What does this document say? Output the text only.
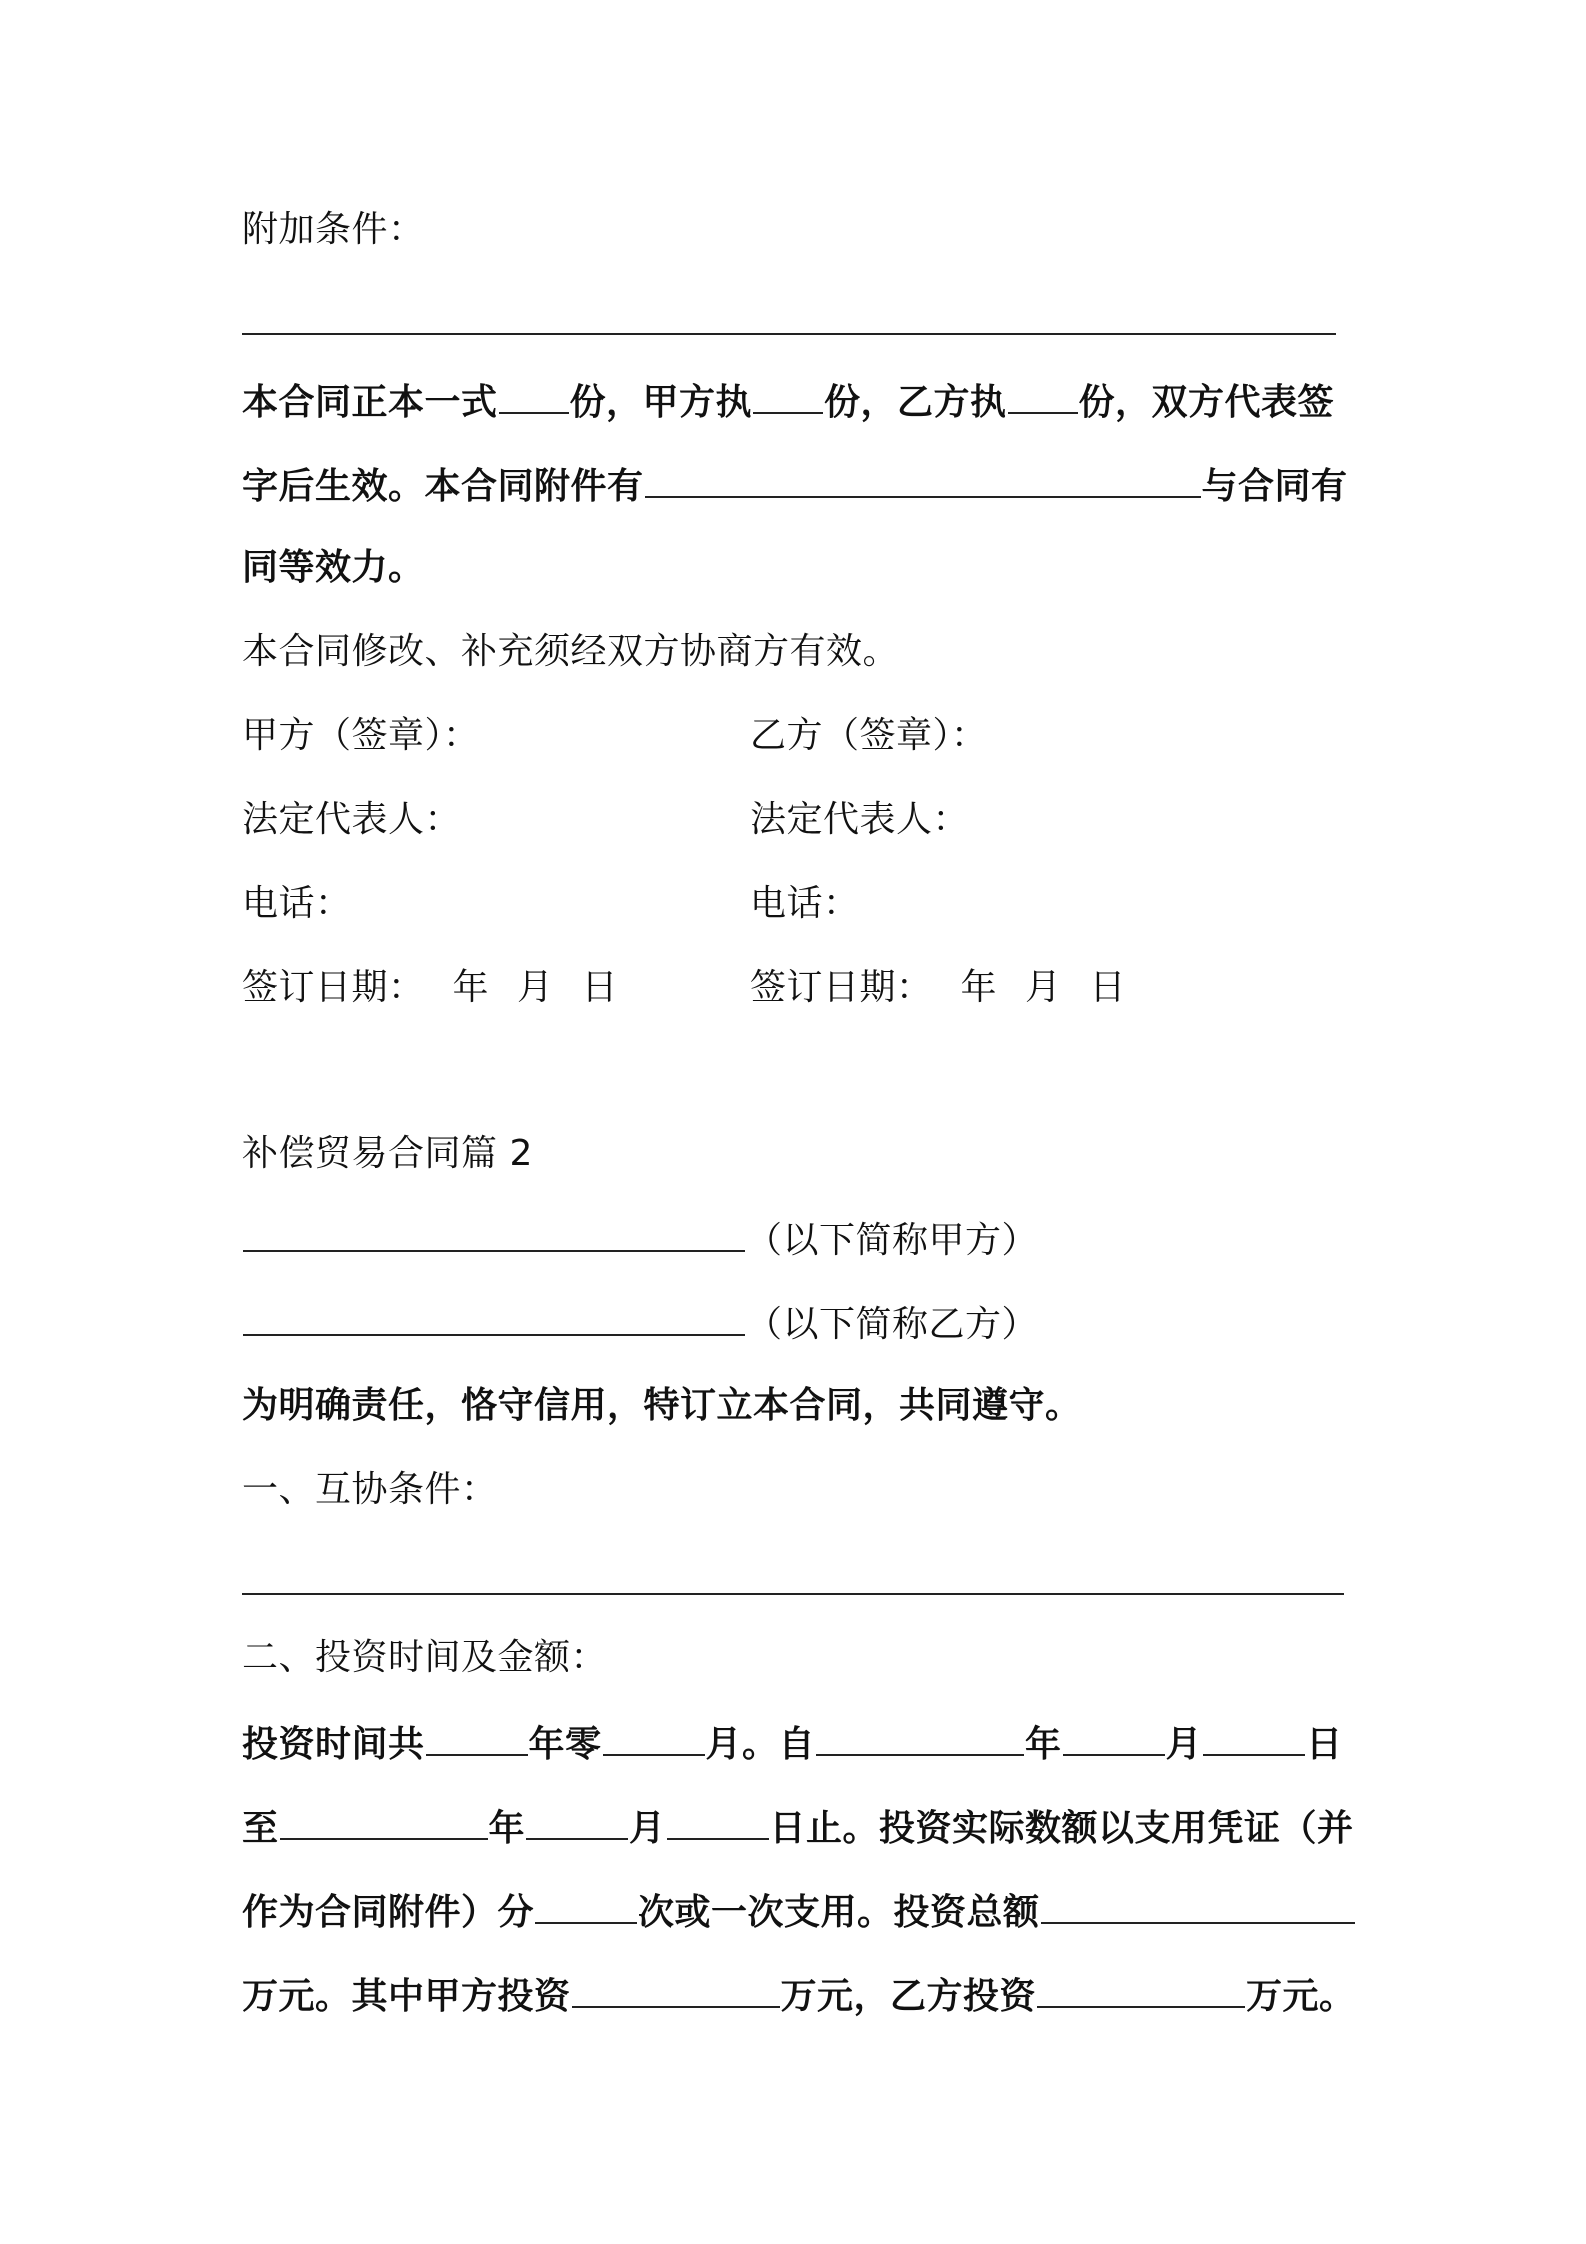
附加条件：
本合同正本一式 份，甲方执 份，乙方执 份，双方代表签
字后生效。本合同附件有	与合同有
同等效力。
本合同修改、补充须经双方协商方有效。
甲方（签章）：	乙方（签章）：
法定代表人：	法定代表人：
电话：	电话：
签订日期： 年 月 日	签订日期： 年 月 日
补偿贸易合同篇 2
（以下简称甲方）
（以下简称乙方）
为明确责任，恪守信用，特订立本合同，共同遵守。
一、互协条件：
二、投资时间及金额：
投资时间共	年零	月。自	年	月	日
至	年	月	日止。投资实际数额以支用凭证（并
作为合同附件）分	次或一次支用。投资总额
万元。其中甲方投资	万元，乙方投资	万元。
